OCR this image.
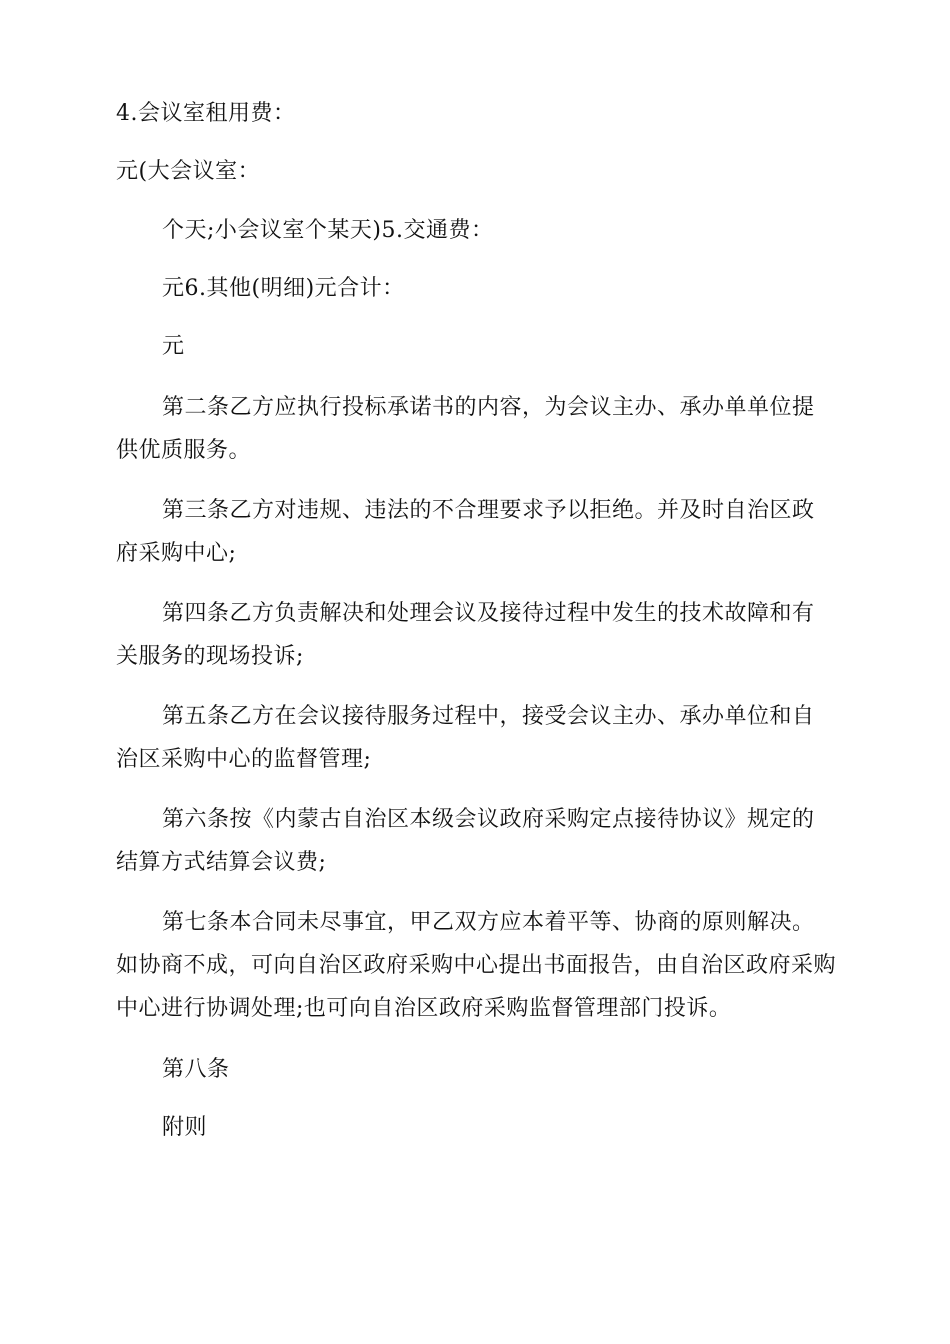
4.会议室租用费：

元(大会议室：

个天;小会议室个某天)5.交通费：

元6.其他(明细)元合计：

元

第二条乙方应执行投标承诺书的内容，为会议主办、承办单单位提供优质服务。

第三条乙方对违规、违法的不合理要求予以拒绝。并及时自治区政府采购中心;

第四条乙方负责解决和处理会议及接待过程中发生的技术故障和有关服务的现场投诉;

第五条乙方在会议接待服务过程中，接受会议主办、承办单位和自治区采购中心的监督管理;

第六条按《内蒙古自治区本级会议政府采购定点接待协议》规定的结算方式结算会议费;

第七条本合同未尽事宜，甲乙双方应本着平等、协商的原则解决。如协商不成，可向自治区政府采购中心提出书面报告，由自治区政府采购中心进行协调处理;也可向自治区政府采购监督管理部门投诉。

第八条

附则
